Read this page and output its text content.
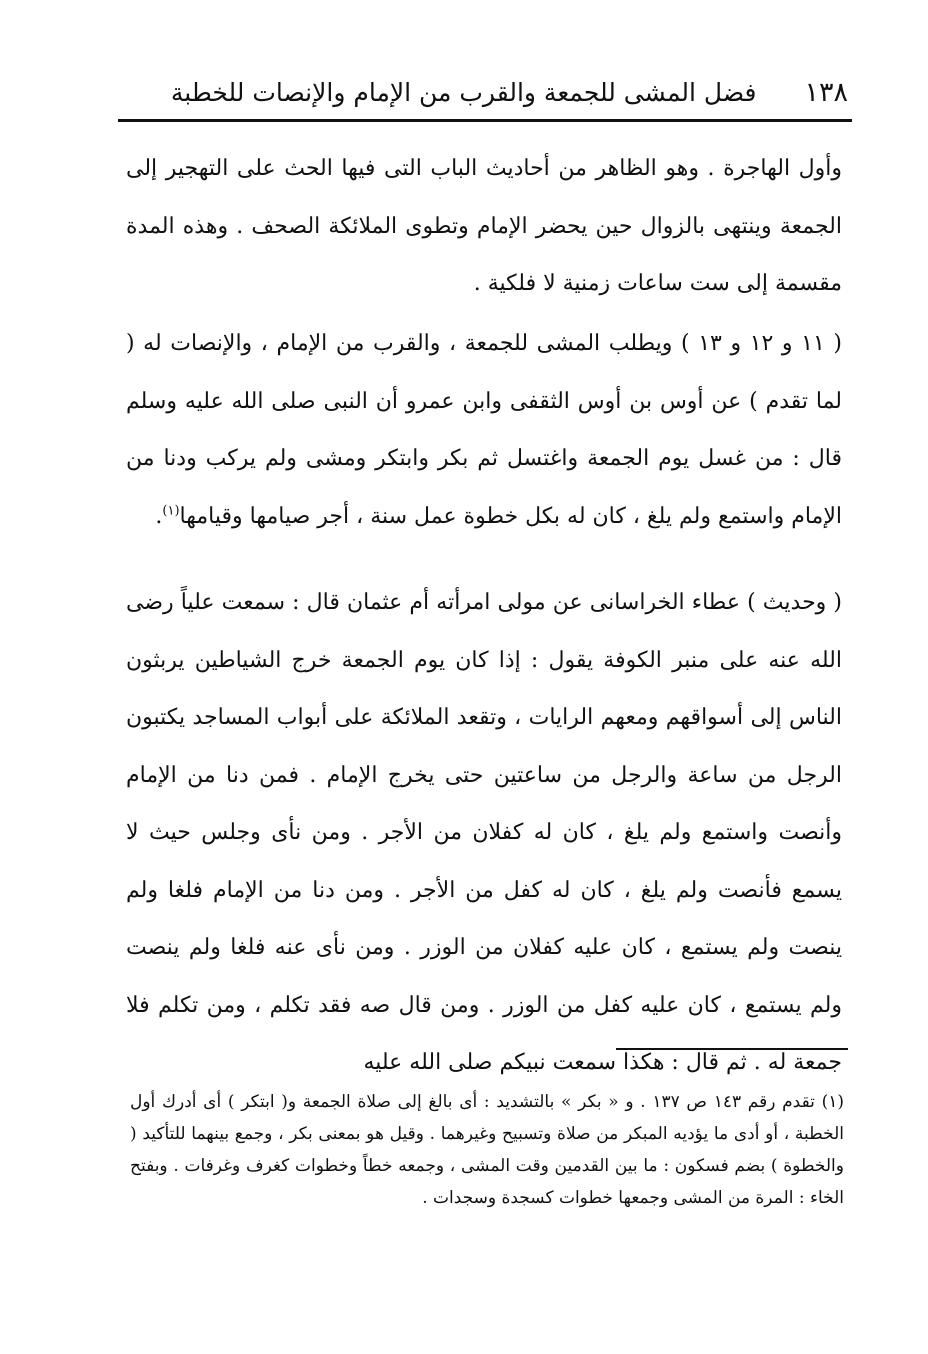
١٣٨
فضل المشى للجمعة والقرب من الإمام والإنصات للخطبة

وأول الهاجرة . وهو الظاهر من أحاديث الباب التى فيها الحث على التهجير إلى الجمعة وينتهى بالزوال حين يحضر الإمام وتطوى الملائكة الصحف . وهذه المدة مقسمة إلى ست ساعات زمنية لا فلكية .

( ١١ و ١٢ و ١٣ ) ويطلب المشى للجمعة ، والقرب من الإمام ، والإنصات له ( لما تقدم ) عن أوس بن أوس الثقفى وابن عمرو أن النبى صلى الله عليه وسلم قال : من غسل يوم الجمعة واغتسل ثم بكر وابتكر ومشى ولم يركب ودنا من الإمام واستمع ولم يلغ ، كان له بكل خطوة عمل سنة ، أجر صيامها وقيامها$^{(١)}$.

( وحديث ) عطاء الخراسانى عن مولى امرأته أم عثمان قال : سمعت علياً رضى الله عنه على منبر الكوفة يقول : إذا كان يوم الجمعة خرج الشياطين يربثون الناس إلى أسواقهم ومعهم الرايات ، وتقعد الملائكة على أبواب المساجد يكتبون الرجل من ساعة والرجل من ساعتين حتى يخرج الإمام . فمن دنا من الإمام وأنصت واستمع ولم يلغ ، كان له كفلان من الأجر . ومن نأى وجلس حيث لا يسمع فأنصت ولم يلغ ، كان له كفل من الأجر . ومن دنا من الإمام فلغا ولم ينصت ولم يستمع ، كان عليه كفلان من الوزر . ومن نأى عنه فلغا ولم ينصت ولم يستمع ، كان عليه كفل من الوزر . ومن قال صه فقد تكلم ، ومن تكلم فلا جمعة له . ثم قال : هكذا سمعت نبيكم صلى الله عليه

(١) تقدم رقم ١٤٣ ص ١٣٧ . و « بكر » بالتشديد : أى بالغ إلى صلاة الجمعة و( ابتكر ) أى أدرك أول الخطبة ، أو أدى ما يؤديه المبكر من صلاة وتسبيح وغيرهما . وقيل هو بمعنى بكر ، وجمع بينهما للتأكيد ( والخطوة ) بضم فسكون : ما بين القدمين وقت المشى ، وجمعه خطاً وخطوات كغرف وغرفات . وبفتح الخاء : المرة من المشى وجمعها خطوات كسجدة وسجدات .
